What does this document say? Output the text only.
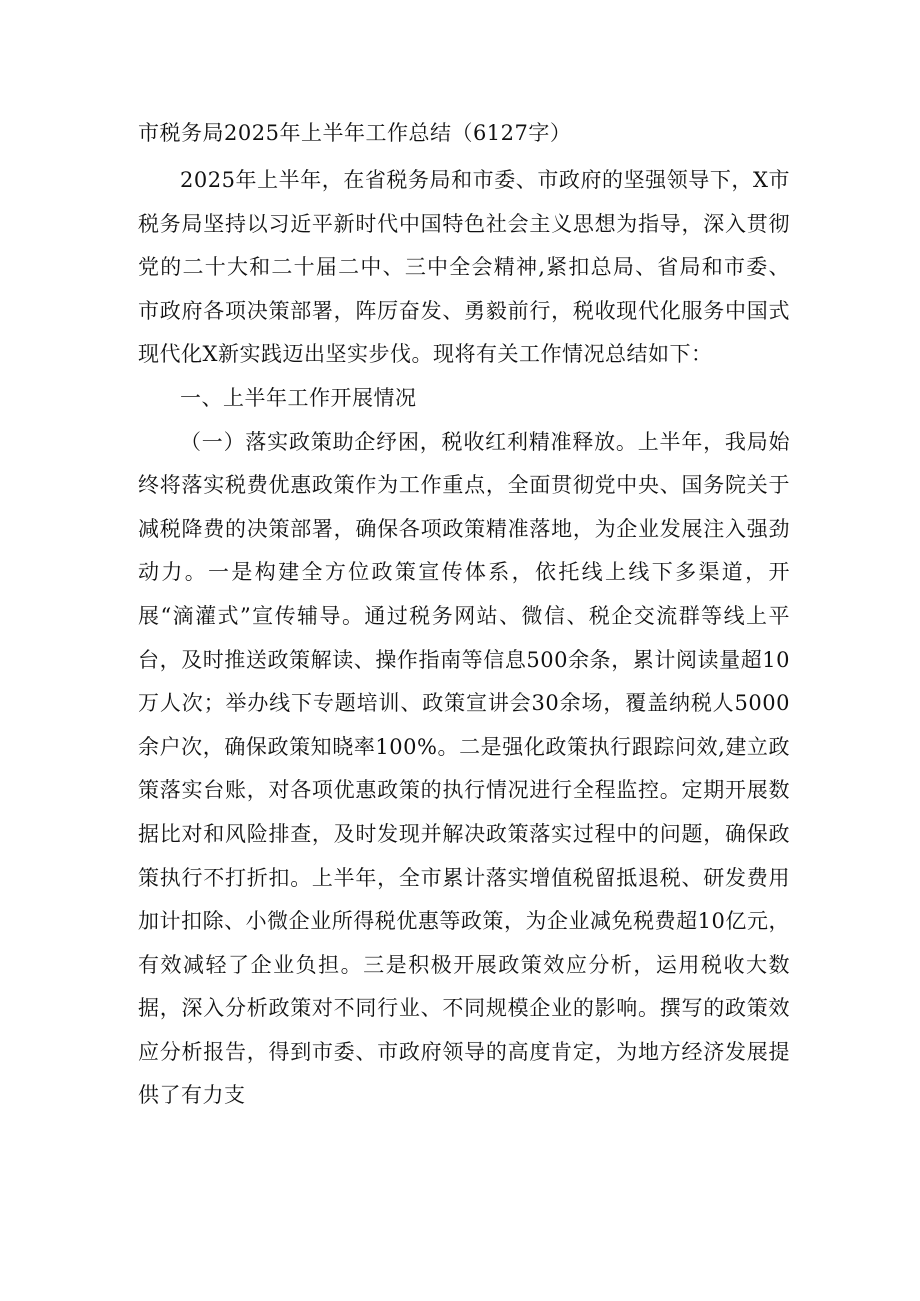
市税务局2025年上半年工作总结（6127字）

2025年上半年，在省税务局和市委、市政府的坚强领导下，X市税务局坚持以习近平新时代中国特色社会主义思想为指导，深入贯彻党的二十大和二十届二中、三中全会精神,紧扣总局、省局和市委、市政府各项决策部署，阵厉奋发、勇毅前行，税收现代化服务中国式现代化X新实践迈出坚实步伐。现将有关工作情况总结如下：

一、上半年工作开展情况

（一）落实政策助企纾困，税收红利精准释放。上半年，我局始终将落实税费优惠政策作为工作重点，全面贯彻党中央、国务院关于减税降费的决策部署，确保各项政策精准落地，为企业发展注入强劲动力。一是构建全方位政策宣传体系，依托线上线下多渠道，开展“滴灌式”宣传辅导。通过税务网站、微信、税企交流群等线上平台，及时推送政策解读、操作指南等信息500余条，累计阅读量超10万人次；举办线下专题培训、政策宣讲会30余场，覆盖纳税人5000余户次，确保政策知晓率100%。二是强化政策执行跟踪问效,建立政策落实台账，对各项优惠政策的执行情况进行全程监控。定期开展数据比对和风险排查，及时发现并解决政策落实过程中的问题，确保政策执行不打折扣。上半年，全市累计落实增值税留抵退税、研发费用加计扣除、小微企业所得税优惠等政策，为企业减免税费超10亿元，有效减轻了企业负担。三是积极开展政策效应分析，运用税收大数据，深入分析政策对不同行业、不同规模企业的影响。撰写的政策效应分析报告，得到市委、市政府领导的高度肯定，为地方经济发展提供了有力支
